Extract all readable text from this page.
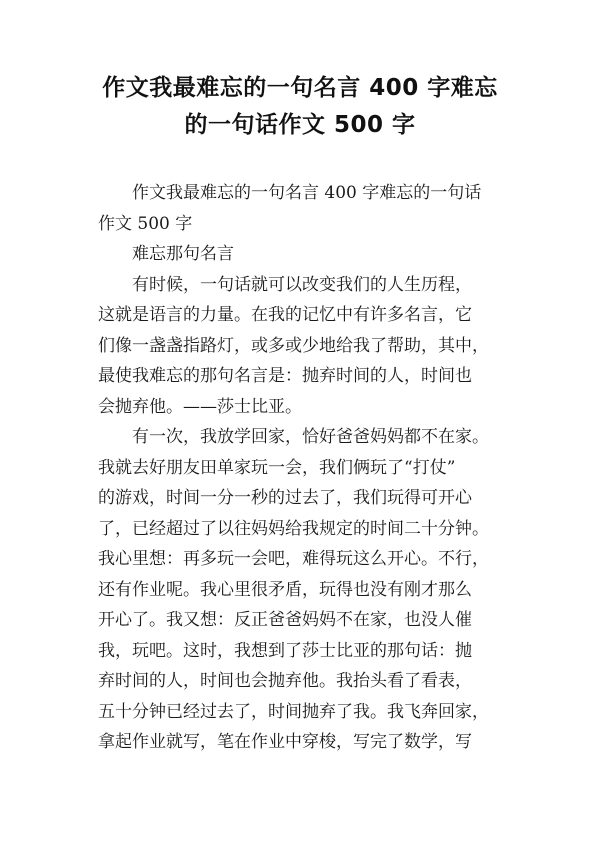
作文我最难忘的一句名言 400 字难忘
的一句话作文 500 字
作文我最难忘的一句名言 400 字难忘的一句话
作文 500 字
难忘那句名言
有时候，一句话就可以改变我们的人生历程，
这就是语言的力量。在我的记忆中有许多名言，它
们像一盏盏指路灯，或多或少地给我了帮助，其中，
最使我难忘的那句名言是：抛弃时间的人，时间也
会抛弃他。——莎士比亚。
有一次，我放学回家，恰好爸爸妈妈都不在家。
我就去好朋友田单家玩一会，我们俩玩了“打仗”
的游戏，时间一分一秒的过去了，我们玩得可开心
了，已经超过了以往妈妈给我规定的时间二十分钟。
我心里想：再多玩一会吧，难得玩这么开心。不行，
还有作业呢。我心里很矛盾，玩得也没有刚才那么
开心了。我又想：反正爸爸妈妈不在家，也没人催
我，玩吧。这时，我想到了莎士比亚的那句话：抛
弃时间的人，时间也会抛弃他。我抬头看了看表，
五十分钟已经过去了，时间抛弃了我。我飞奔回家，
拿起作业就写，笔在作业中穿梭，写完了数学，写
